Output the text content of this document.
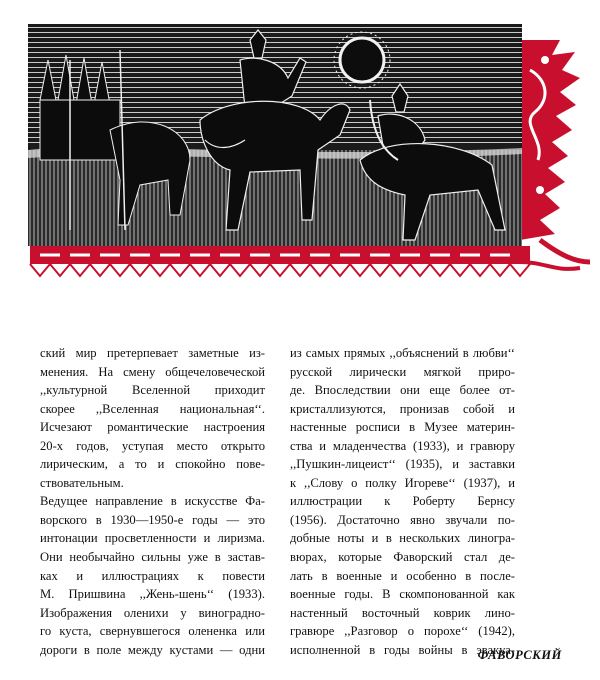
ский мир претерпевает заметные из-
менения. На смену общечеловеческой
,,культурной Вселенной приходит
скорее ,,Вселенная национальная‘‘.
Исчезают романтические настроения
20-х годов, уступая место открыто
лирическим, а то и спокойно пове-
ствовательным.
Ведущее направление в искусстве Фа-
ворского в 1930—1950-е годы — это
интонации просветленности и лиризма.
Они необычайно сильны уже в застав-
ках и иллюстрациях к повести
М. Пришвина ,,Жень-шень‘‘ (1933).
Изображения оленихи у виноградно-
го куста, свернувшегося олененка или
дороги в поле между кустами — одни
из самых прямых ,,объяснений в любви‘‘
русской лирически мягкой приро-
де. Впоследствии они еще более от-
кристаллизуются, пронизав собой и
настенные росписи в Музее материн-
ства и младенчества (1933), и гравюру
,,Пушкин-лицеист‘‘ (1935), и заставки
к ,,Слову о полку Игореве‘‘ (1937), и
иллюстрации к Роберту Бернсу
(1956). Достаточно явно звучали по-
добные ноты и в нескольких линогра-
вюрах, которые Фаворский стал де-
лать в военные и особенно в после-
военные годы. В скомпонованной как
настенный восточный коврик лино-
гравюре ,,Разговор о порохе‘‘ (1942),
исполненной в годы войны в эвакуа-
ФАВОРСКИЙ
